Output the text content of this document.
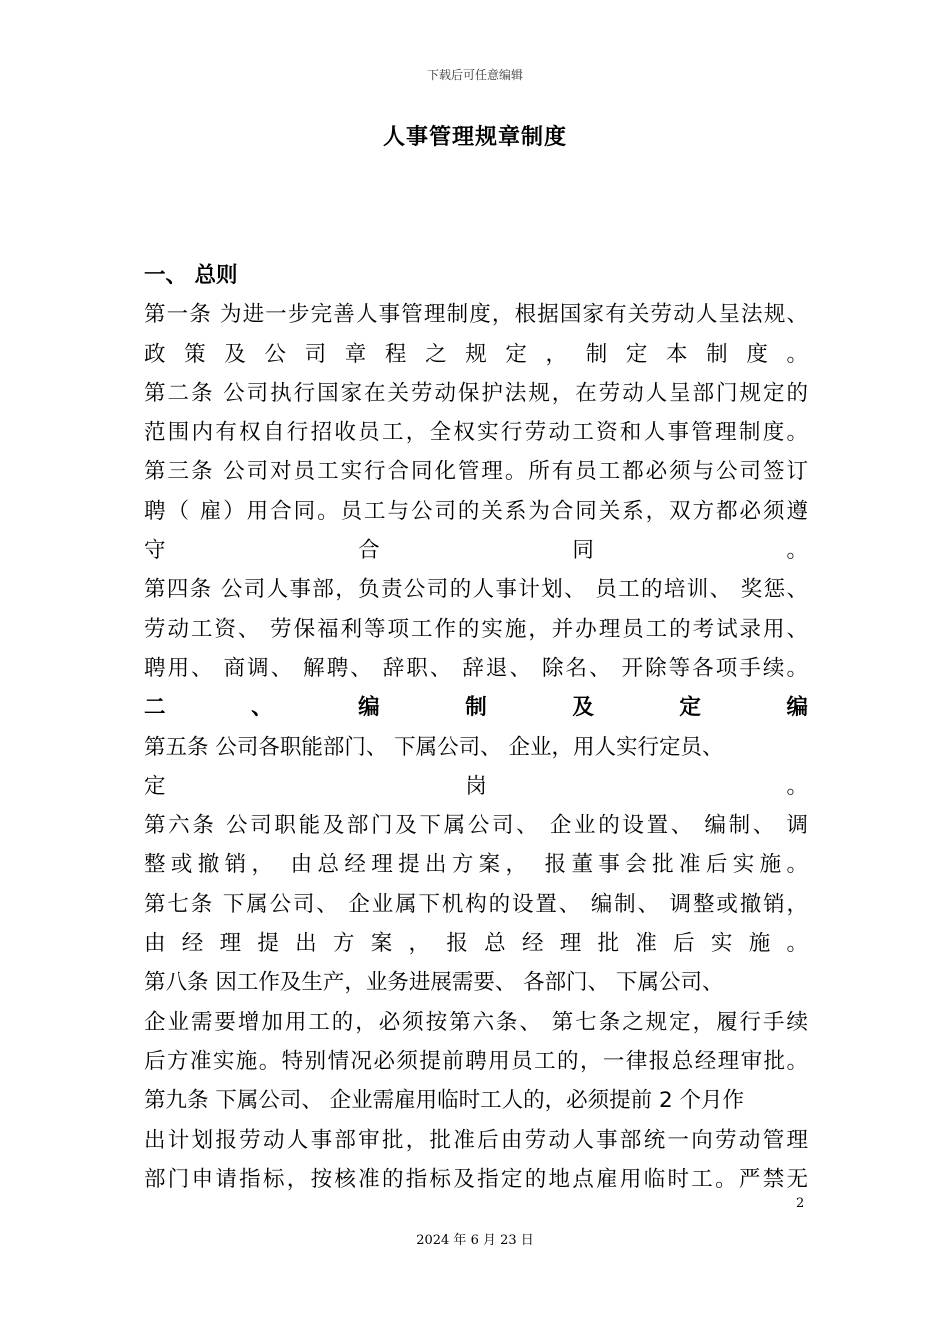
下载后可任意编辑
人事管理规章制度
一、 总则
第一条 为进一步完善人事管理制度，根据国家有关劳动人呈法规、
政 策 及 公 司 章 程 之 规 定 ， 制 定 本 制 度 。
第二条 公司执行国家在关劳动保护法规，在劳动人呈部门规定的
范围内有权自行招收员工，全权实行劳动工资和人事管理制度。
第三条 公司对员工实行合同化管理。所有员工都必须与公司签订
聘（ 雇）用合同。员工与公司的关系为合同关系，双方都必须遵
守 合 同 。
第四条 公司人事部，负责公司的人事计划、 员工的培训、 奖惩、
劳动工资、 劳保福利等项工作的实施，并办理员工的考试录用、
聘用、 商调、 解聘、 辞职、 辞退、 除名、 开除等各项手续。
二 、 编 制 及 定 编
第五条 公司各职能部门、 下属公司、 企业，用人实行定员、
定 岗 。
第六条 公司职能及部门及下属公司、 企业的设置、 编制、 调
整或撤销， 由总经理提出方案， 报董事会批准后实施。
第七条 下属公司、 企业属下机构的设置、 编制、 调整或撤销，
由 经 理 提 出 方 案 ， 报 总 经 理 批 准 后 实 施 。
第八条 因工作及生产，业务进展需要、 各部门、 下属公司、
企业需要增加用工的，必须按第六条、 第七条之规定，履行手续
后方准实施。特别情况必须提前聘用员工的，一律报总经理审批。
第九条 下属公司、 企业需雇用临时工人的，必须提前 2 个月作
出计划报劳动人事部审批，批准后由劳动人事部统一向劳动管理
部门申请指标，按核准的指标及指定的地点雇用临时工。严禁无
2
2024 年 6 月 23 日
